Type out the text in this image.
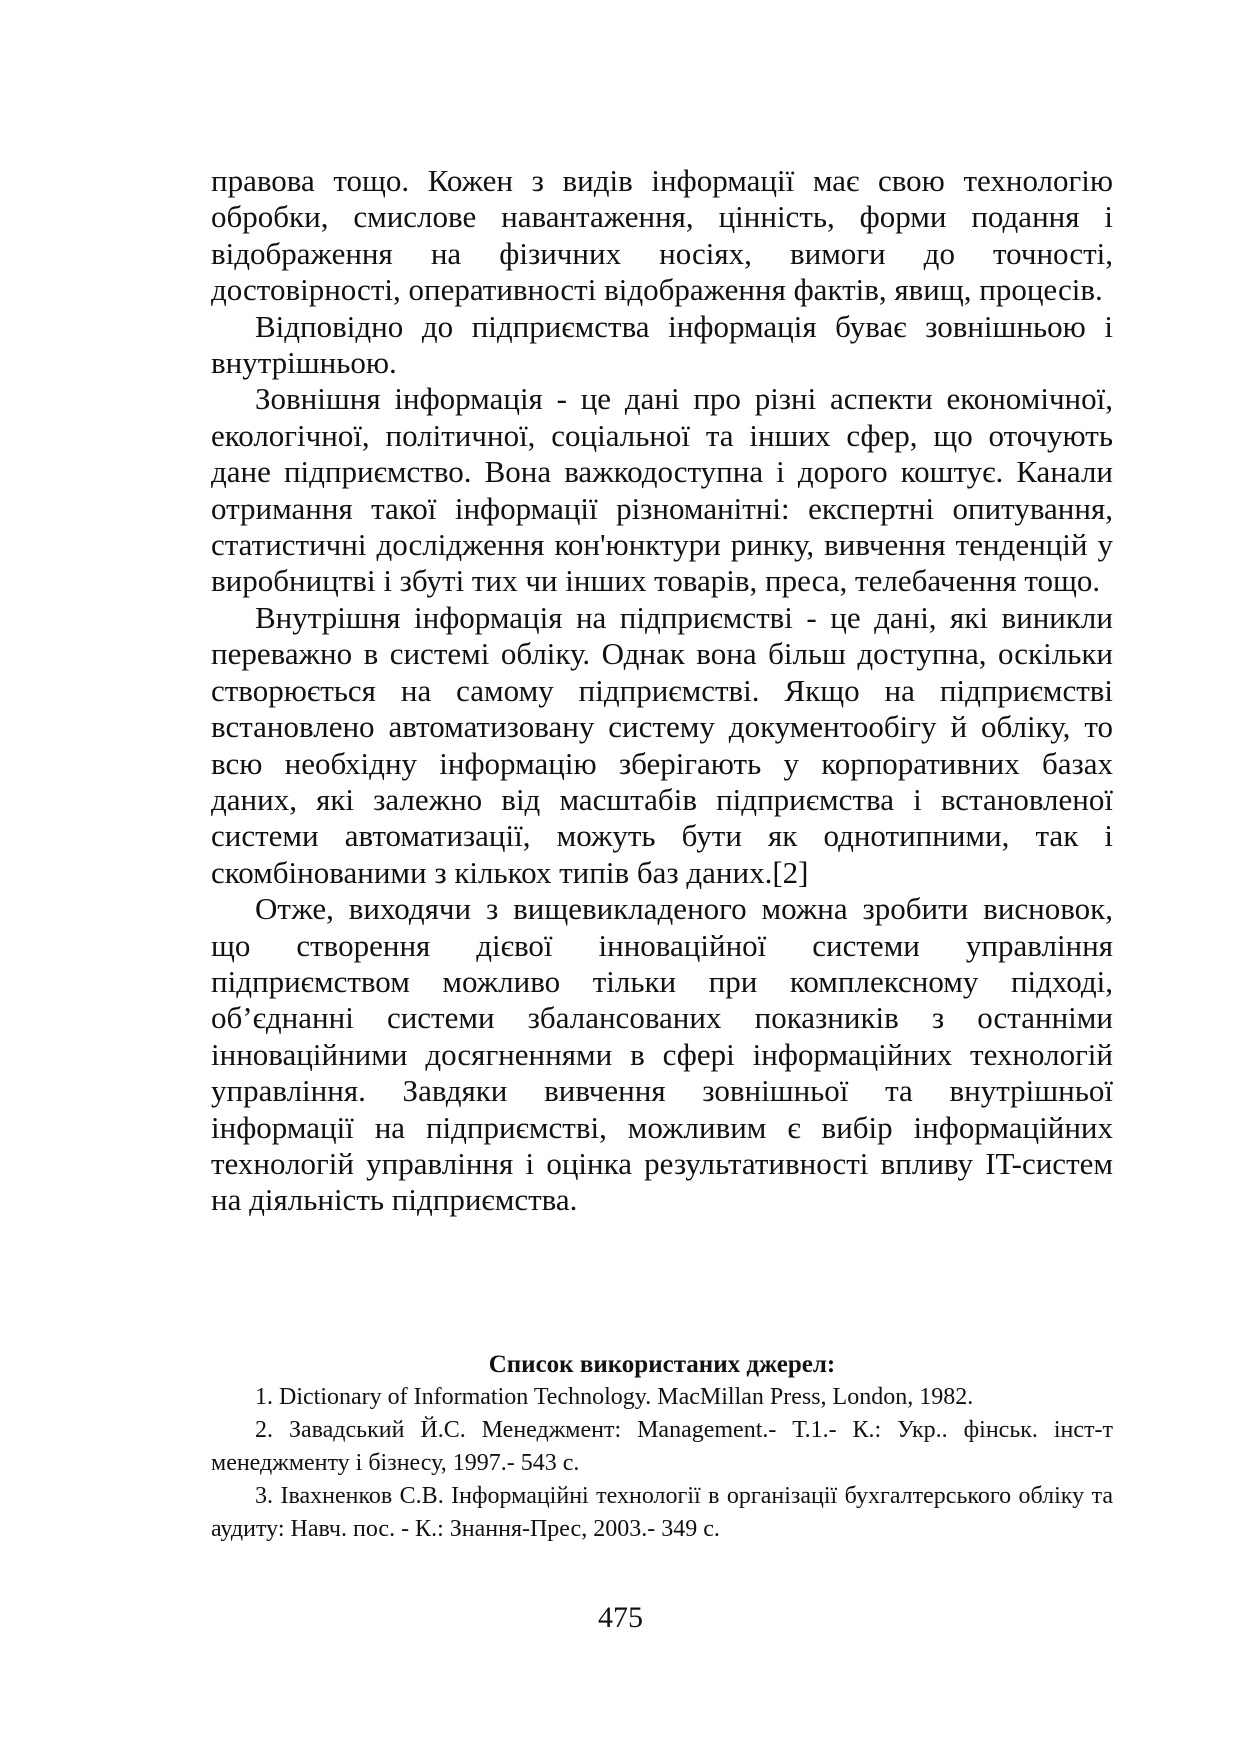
правова тощо. Кожен з видів інформації має свою технологію обробки, смислове навантаження, цінність, форми подання і відображення на фізичних носіях, вимоги до точності, достовірності, оперативності відображення фактів, явищ, процесів.

Відповідно до підприємства інформація буває зовнішньою і внутрішньою.

Зовнішня інформація - це дані про різні аспекти економічної, екологічної, політичної, соціальної та інших сфер, що оточують дане підприємство. Вона важкодоступна і дорого коштує. Канали отримання такої інформації різноманітні: експертні опитування, статистичні дослідження кон'юнктури ринку, вивчення тенденцій у виробництві і збуті тих чи інших товарів, преса, телебачення тощо.

Внутрішня інформація на підприємстві - це дані, які виникли переважно в системі обліку. Однак вона більш доступна, оскільки створюється на самому підприємстві. Якщо на підприємстві встановлено автоматизовану систему документообігу й обліку, то всю необхідну інформацію зберігають у корпоративних базах даних, які залежно від масштабів підприємства і встановленої системи автоматизації, можуть бути як однотипними, так і скомбінованими з кількох типів баз даних.[2]

Отже, виходячи з вищевикладеного можна зробити висновок, що створення дієвої інноваційної системи управління підприємством можливо тільки при комплексному підході, об’єднанні системи збалансованих показників з останніми інноваційними досягненнями в сфері інформаційних технологій управління. Завдяки вивчення зовнішньої та внутрішньої інформації на підприємстві, можливим є вибір інформаційних технологій управління і оцінка результативності впливу IT-систем на діяльність підприємства.

Список використаних джерел:

1. Dictionary of Information Technology. MacMillan Press, London, 1982.

2. Завадський Й.С. Менеджмент: Management.- Т.1.- К.: Укр.. фінськ. інст-т менеджменту і бізнесу, 1997.- 543 с.

3. Івахненков С.В. Інформаційні технології в організації бухгалтерського обліку та аудиту: Навч. пос. - К.: Знання-Прес, 2003.- 349 с.

475
